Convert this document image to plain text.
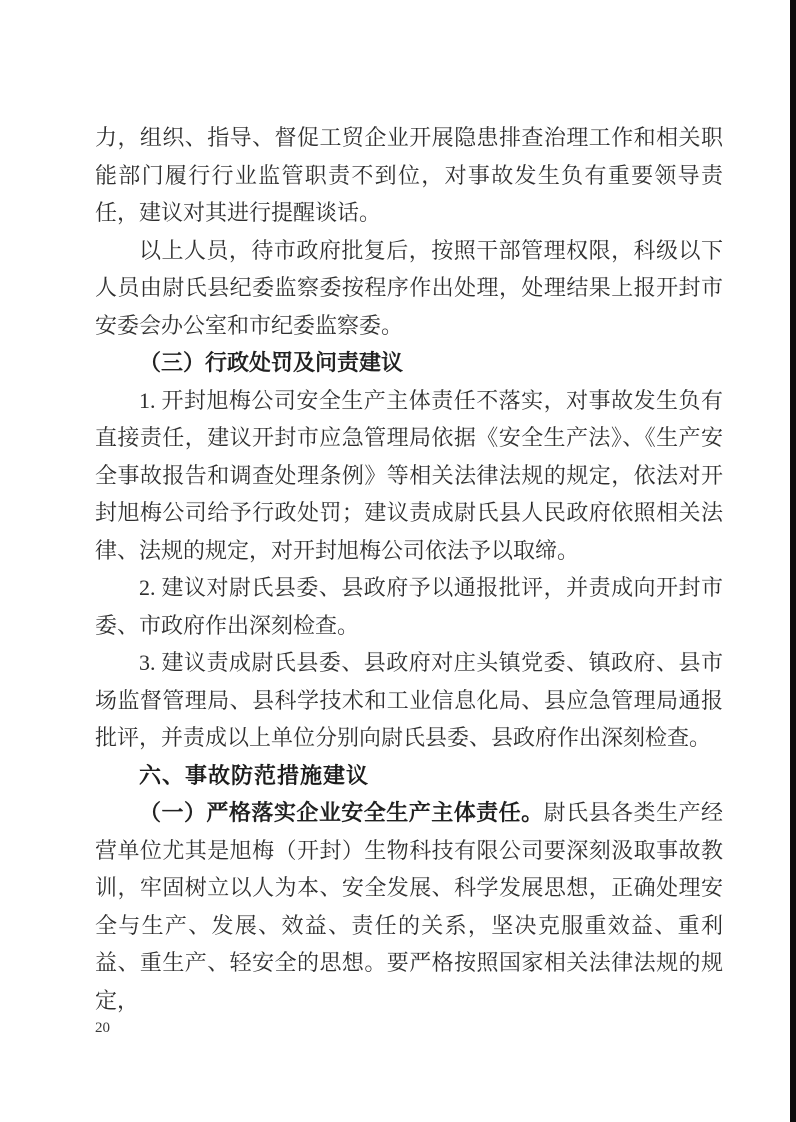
力，组织、指导、督促工贸企业开展隐患排查治理工作和相关职能部门履行行业监管职责不到位，对事故发生负有重要领导责任，建议对其进行提醒谈话。

以上人员，待市政府批复后，按照干部管理权限，科级以下人员由尉氏县纪委监察委按程序作出处理，处理结果上报开封市安委会办公室和市纪委监察委。

（三）行政处罚及问责建议

1. 开封旭梅公司安全生产主体责任不落实，对事故发生负有直接责任，建议开封市应急管理局依据《安全生产法》、《生产安全事故报告和调查处理条例》等相关法律法规的规定，依法对开封旭梅公司给予行政处罚；建议责成尉氏县人民政府依照相关法律、法规的规定，对开封旭梅公司依法予以取缔。

2. 建议对尉氏县委、县政府予以通报批评，并责成向开封市委、市政府作出深刻检查。

3. 建议责成尉氏县委、县政府对庄头镇党委、镇政府、县市场监督管理局、县科学技术和工业信息化局、县应急管理局通报批评，并责成以上单位分别向尉氏县委、县政府作出深刻检查。

六、事故防范措施建议

（一）严格落实企业安全生产主体责任。尉氏县各类生产经营单位尤其是旭梅（开封）生物科技有限公司要深刻汲取事故教训，牢固树立以人为本、安全发展、科学发展思想，正确处理安全与生产、发展、效益、责任的关系，坚决克服重效益、重利益、重生产、轻安全的思想。要严格按照国家相关法律法规的规定，

20
